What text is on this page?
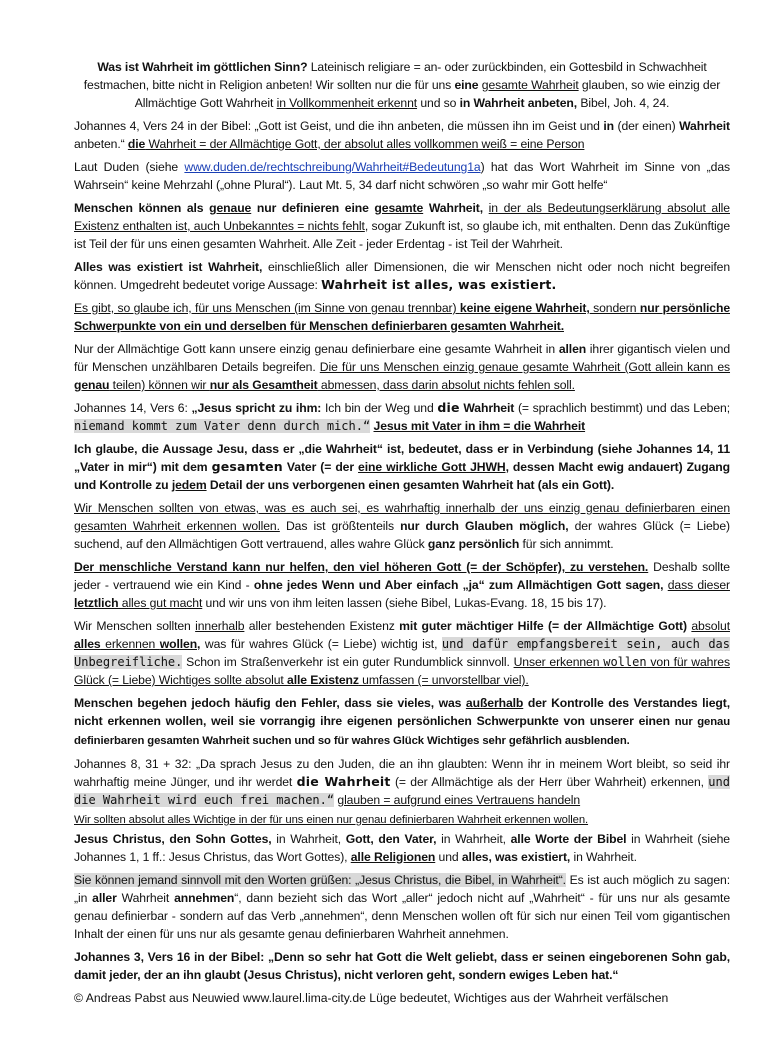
Was ist Wahrheit im göttlichen Sinn? Lateinisch religiare = an- oder zurückbinden, ein Gottesbild in Schwachheit festmachen, bitte nicht in Religion anbeten! Wir sollten nur die für uns eine gesamte Wahrheit glauben, so wie einzig der Allmächtige Gott Wahrheit in Vollkommenheit erkennt und so in Wahrheit anbeten, Bibel, Joh. 4, 24.

Johannes 4, Vers 24 in der Bibel: „Gott ist Geist, und die ihn anbeten, die müssen ihn im Geist und in (der einen) Wahrheit anbeten.“ die Wahrheit = der Allmächtige Gott, der absolut alles vollkommen weiß = eine Person

Laut Duden (siehe www.duden.de/rechtschreibung/Wahrheit#Bedeutung1a) hat das Wort Wahrheit im Sinne von „das Wahrsein“ keine Mehrzahl („ohne Plural“). Laut Mt. 5, 34 darf nicht schwören „so wahr mir Gott helfe“

Menschen können als genaue nur definieren eine gesamte Wahrheit, in der als Bedeutungserklärung absolut alle Existenz enthalten ist, auch Unbekanntes = nichts fehlt, sogar Zukunft ist, so glaube ich, mit enthalten. Denn das Zukünftige ist Teil der für uns einen gesamten Wahrheit. Alle Zeit - jeder Erdentag - ist Teil der Wahrheit.

Alles was existiert ist Wahrheit, einschließlich aller Dimensionen, die wir Menschen nicht oder noch nicht begreifen können. Umgedreht bedeutet vorige Aussage: Wahrheit ist alles, was existiert.

Es gibt, so glaube ich, für uns Menschen (im Sinne von genau trennbar) keine eigene Wahrheit, sondern nur persönliche Schwerpunkte von ein und derselben für Menschen definierbaren gesamten Wahrheit.

Nur der Allmächtige Gott kann unsere einzig genau definierbare eine gesamte Wahrheit in allen ihrer gigantisch vielen und für Menschen unzählbaren Details begreifen. Die für uns Menschen einzig genaue gesamte Wahrheit (Gott allein kann es genau teilen) können wir nur als Gesamtheit abmessen, dass darin absolut nichts fehlen soll.

Johannes 14, Vers 6: „Jesus spricht zu ihm: Ich bin der Weg und die Wahrheit (= sprachlich bestimmt) und das Leben; niemand kommt zum Vater denn durch mich.“ Jesus mit Vater in ihm = die Wahrheit

Ich glaube, die Aussage Jesu, dass er „die Wahrheit“ ist, bedeutet, dass er in Verbindung (siehe Johannes 14, 11 „Vater in mir“) mit dem gesamten Vater (= der eine wirkliche Gott JHWH, dessen Macht ewig andauert) Zugang und Kontrolle zu jedem Detail der uns verborgenen einen gesamten Wahrheit hat (als ein Gott).

Wir Menschen sollten von etwas, was es auch sei, es wahrhaftig innerhalb der uns einzig genau definierbaren einen gesamten Wahrheit erkennen wollen. Das ist größtenteils nur durch Glauben möglich, der wahres Glück (= Liebe) suchend, auf den Allmächtigen Gott vertrauend, alles wahre Glück ganz persönlich für sich annimmt.

Der menschliche Verstand kann nur helfen, den viel höheren Gott (= der Schöpfer), zu verstehen. Deshalb sollte jeder - vertrauend wie ein Kind - ohne jedes Wenn und Aber einfach „ja“ zum Allmächtigen Gott sagen, dass dieser letztlich alles gut macht und wir uns von ihm leiten lassen (siehe Bibel, Lukas-Evang. 18, 15 bis 17).

Wir Menschen sollten innerhalb aller bestehenden Existenz mit guter mächtiger Hilfe (= der Allmächtige Gott) absolut alles erkennen wollen, was für wahres Glück (= Liebe) wichtig ist, und dafür empfangsbereit sein, auch das Unbegreifliche. Schon im Straßenverkehr ist ein guter Rundumblick sinnvoll. Unser erkennen wollen von für wahres Glück (= Liebe) Wichtiges sollte absolut alle Existenz umfassen (= unvorstellbar viel).

Menschen begehen jedoch häufig den Fehler, dass sie vieles, was außerhalb der Kontrolle des Verstandes liegt, nicht erkennen wollen, weil sie vorrangig ihre eigenen persönlichen Schwerpunkte von unserer einen nur genau definierbaren gesamten Wahrheit suchen und so für wahres Glück Wichtiges sehr gefährlich ausblenden.

Johannes 8, 31 + 32: „Da sprach Jesus zu den Juden, die an ihn glaubten: Wenn ihr in meinem Wort bleibt, so seid ihr wahrhaftig meine Jünger, und ihr werdet die Wahrheit (= der Allmächtige als der Herr über Wahrheit) erkennen, und die Wahrheit wird euch frei machen.“ glauben = aufgrund eines Vertrauens handeln

Wir sollten absolut alles Wichtige in der für uns einen nur genau definierbaren Wahrheit erkennen wollen.

Jesus Christus, den Sohn Gottes, in Wahrheit, Gott, den Vater, in Wahrheit, alle Worte der Bibel in Wahrheit (siehe Johannes 1, 1 ff.: Jesus Christus, das Wort Gottes), alle Religionen und alles, was existiert, in Wahrheit.

Sie können jemand sinnvoll mit den Worten grüßen: „Jesus Christus, die Bibel, in Wahrheit“. Es ist auch möglich zu sagen: „in aller Wahrheit annehmen“, dann bezieht sich das Wort „aller“ jedoch nicht auf „Wahrheit“ - für uns nur als gesamte genau definierbar - sondern auf das Verb „annehmen“, denn Menschen wollen oft für sich nur einen Teil vom gigantischen Inhalt der einen für uns nur als gesamte genau definierbaren Wahrheit annehmen.

Johannes 3, Vers 16 in der Bibel: „Denn so sehr hat Gott die Welt geliebt, dass er seinen eingeborenen Sohn gab, damit jeder, der an ihn glaubt (Jesus Christus), nicht verloren geht, sondern ewiges Leben hat.“

© Andreas Pabst aus Neuwied www.laurel.lima-city.de Lüge bedeutet, Wichtiges aus der Wahrheit verfälschen
